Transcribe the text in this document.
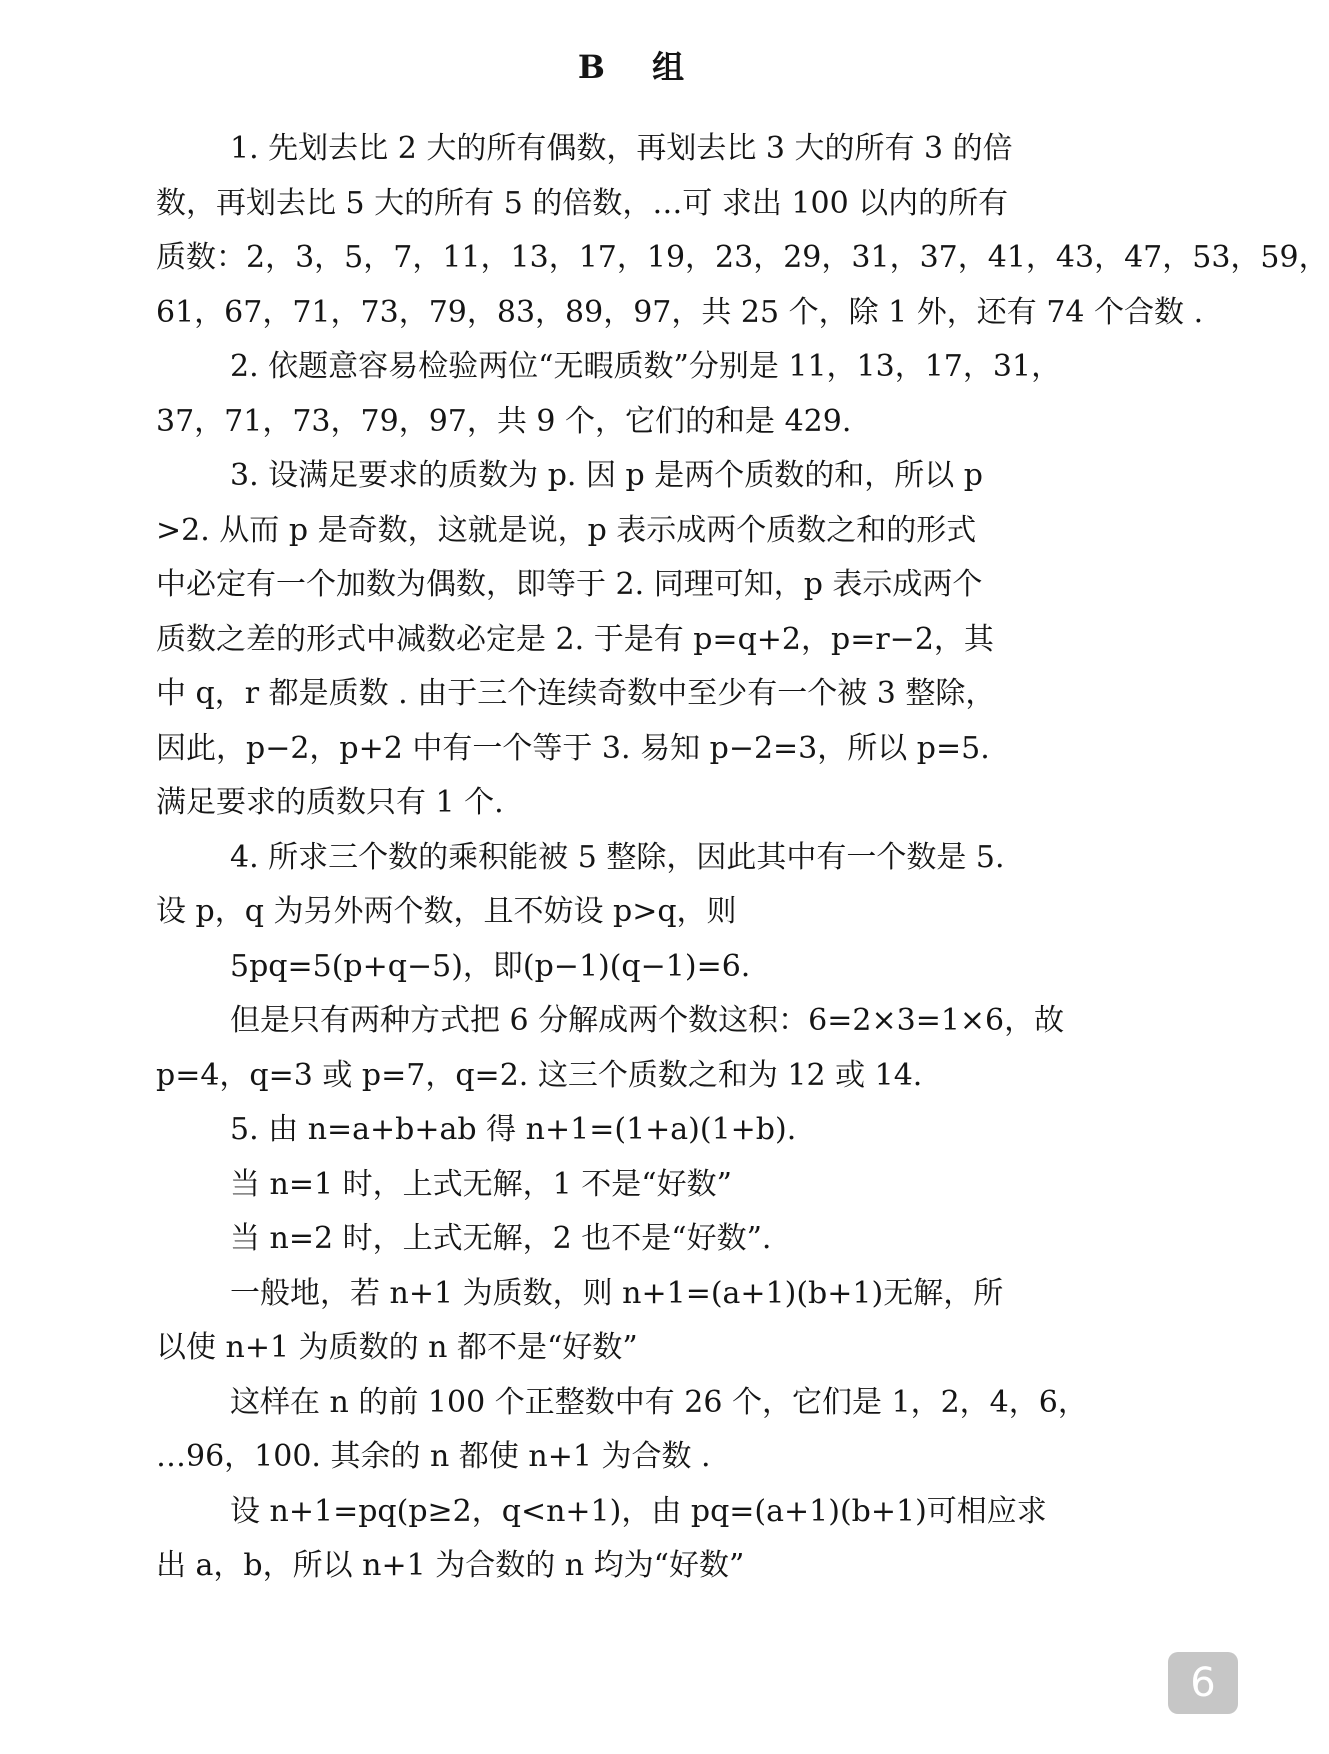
B 组
1. 先划去比 2 大的所有偶数，再划去比 3 大的所有 3 的倍
数，再划去比 5 大的所有 5 的倍数，…可 求出 100 以内的所有
质数：2，3，5，7，11，13，17，19，23，29，31，37，41，43，47，53，59，
61，67，71，73，79，83，89，97，共 25 个，除 1 外，还有 74 个合数 .
2. 依题意容易检验两位“无暇质数”分别是 11，13，17，31，
37，71，73，79，97，共 9 个，它们的和是 429.
3. 设满足要求的质数为 p. 因 p 是两个质数的和，所以 p
>2. 从而 p 是奇数，这就是说，p 表示成两个质数之和的形式
中必定有一个加数为偶数，即等于 2. 同理可知，p 表示成两个
质数之差的形式中减数必定是 2. 于是有 p=q+2，p=r−2，其
中 q，r 都是质数 . 由于三个连续奇数中至少有一个被 3 整除，
因此，p−2，p+2 中有一个等于 3. 易知 p−2=3，所以 p=5.
满足要求的质数只有 1 个.
4. 所求三个数的乘积能被 5 整除，因此其中有一个数是 5.
设 p，q 为另外两个数，且不妨设 p>q，则
5pq=5(p+q−5)，即(p−1)(q−1)=6.
但是只有两种方式把 6 分解成两个数这积：6=2×3=1×6，故
p=4，q=3 或 p=7，q=2. 这三个质数之和为 12 或 14.
5. 由 n=a+b+ab 得 n+1=(1+a)(1+b).
当 n=1 时，上式无解，1 不是“好数”
当 n=2 时，上式无解，2 也不是“好数”.
一般地，若 n+1 为质数，则 n+1=(a+1)(b+1)无解，所
以使 n+1 为质数的 n 都不是“好数”
这样在 n 的前 100 个正整数中有 26 个，它们是 1，2，4，6，
…96，100. 其余的 n 都使 n+1 为合数 .
设 n+1=pq(p≥2，q<n+1)，由 pq=(a+1)(b+1)可相应求
出 a，b，所以 n+1 为合数的 n 均为“好数”
6
